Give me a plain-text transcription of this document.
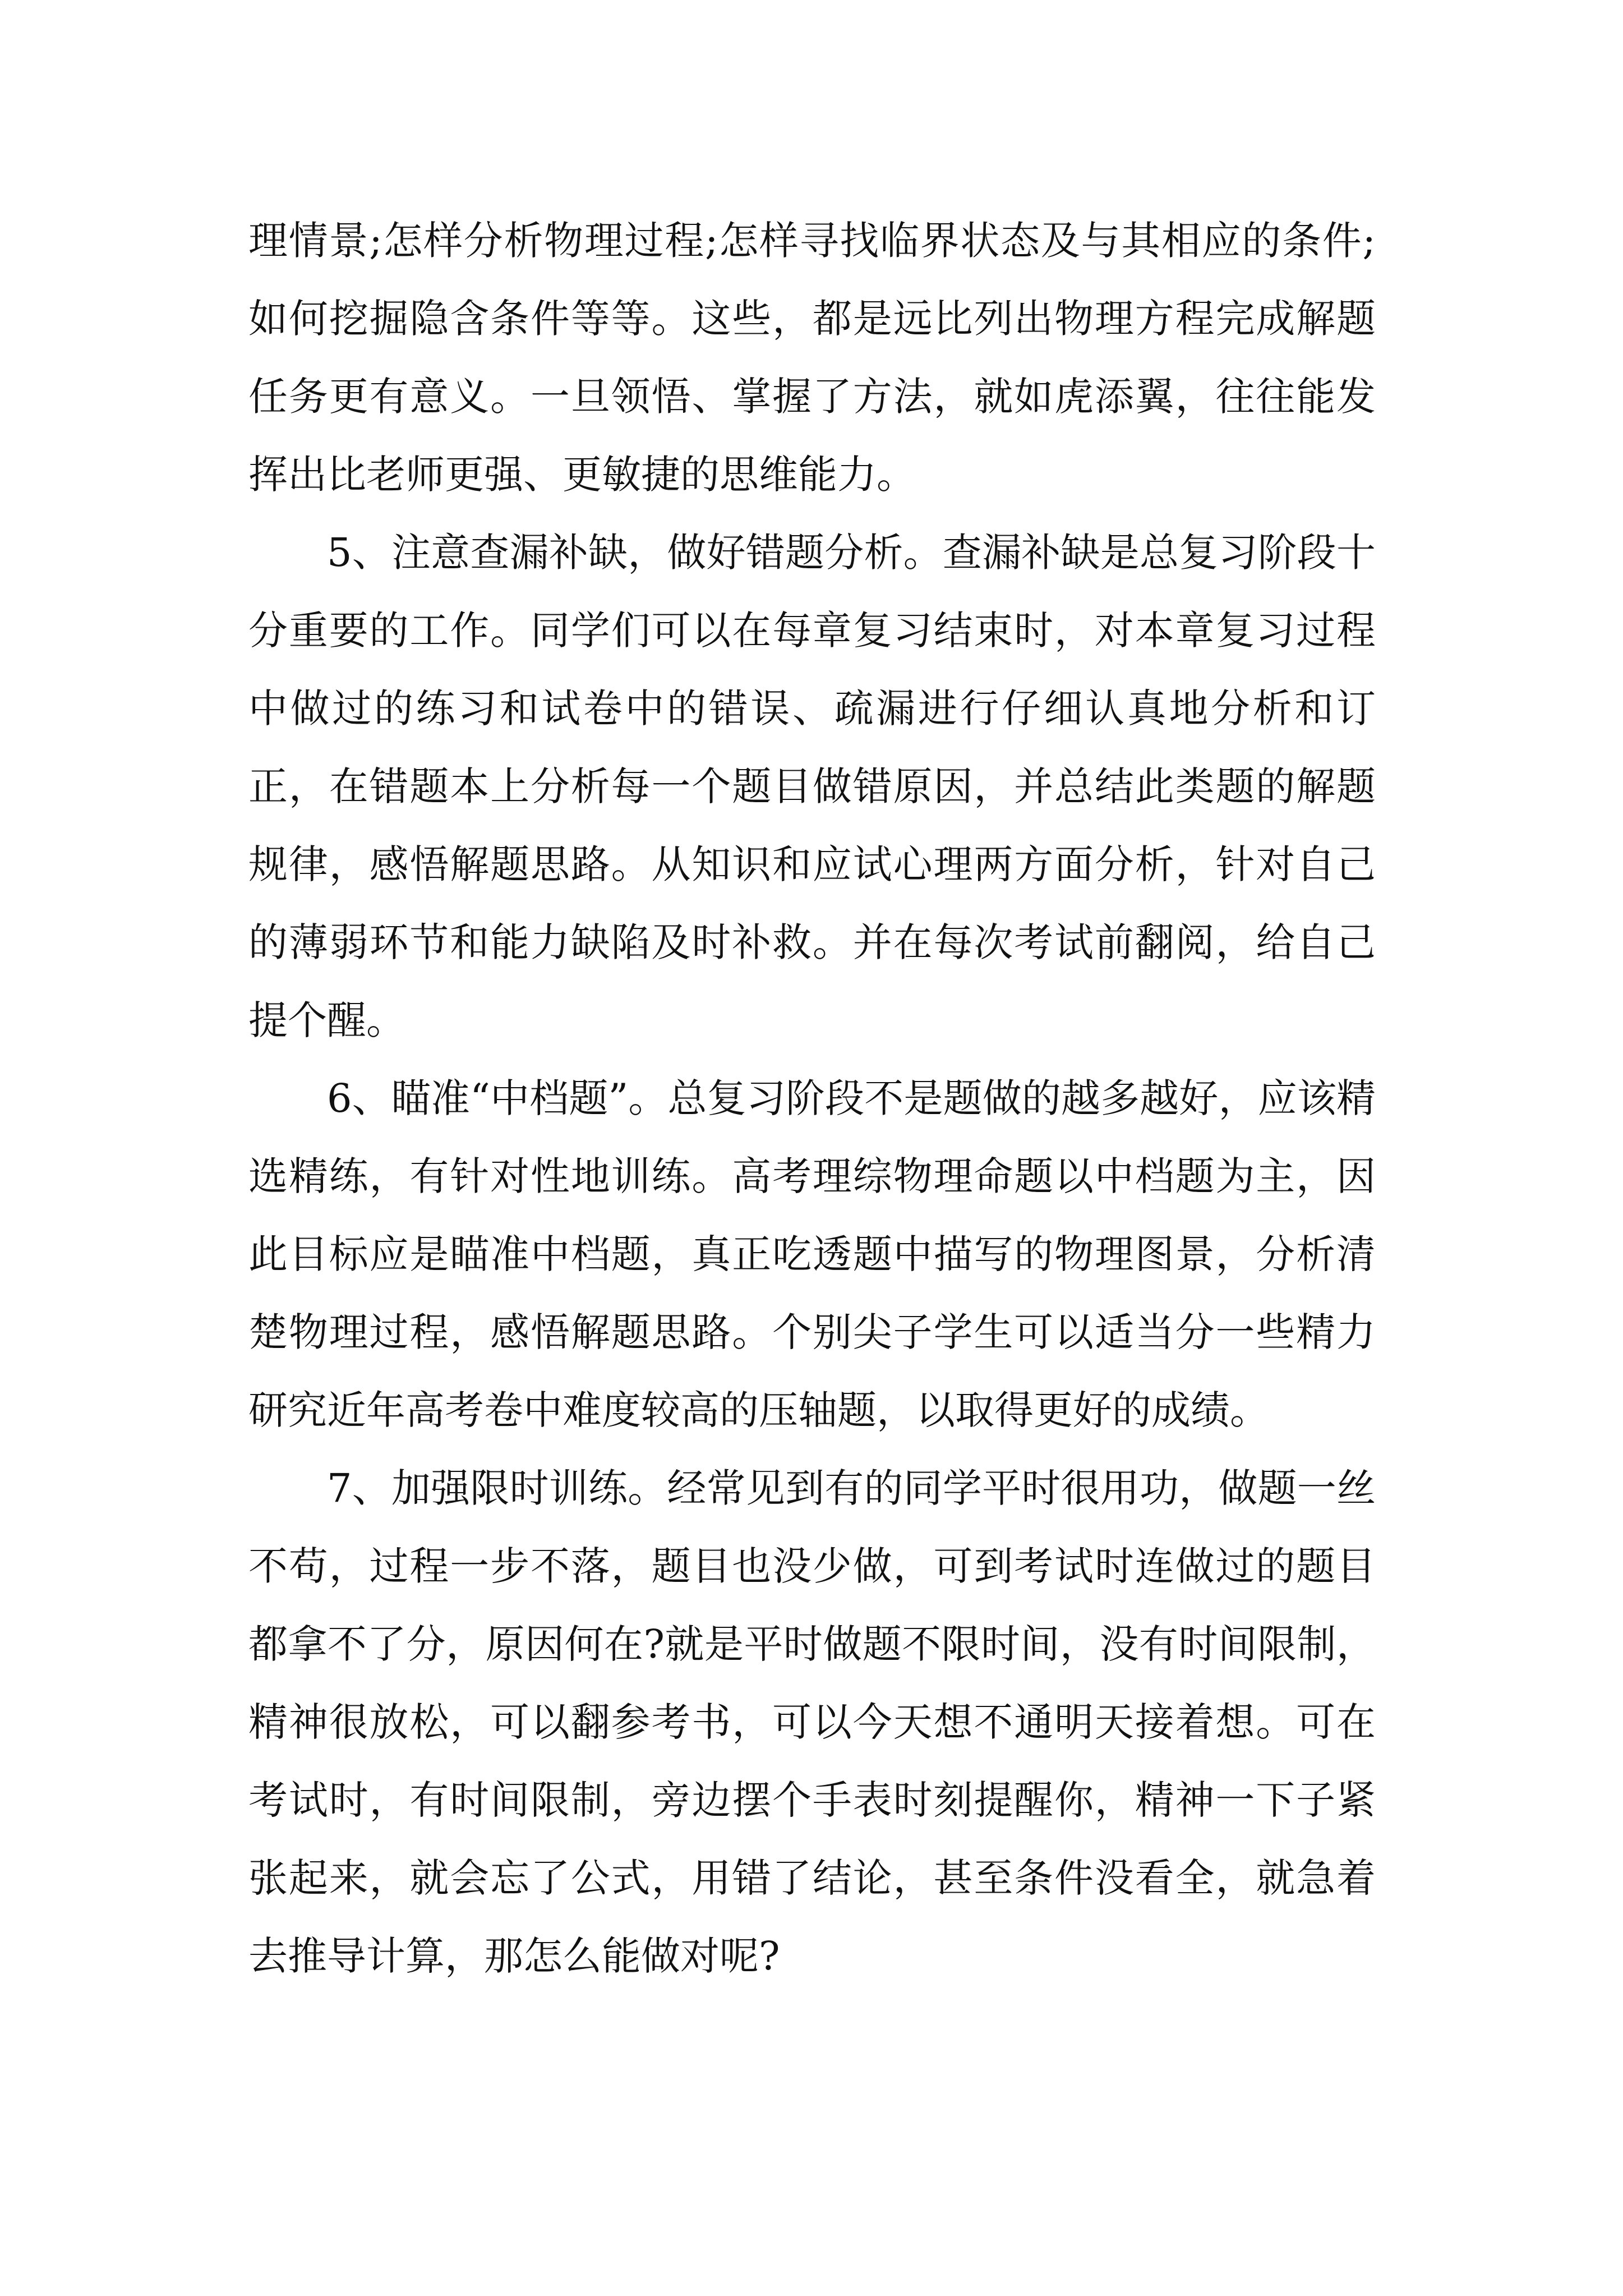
理情景;怎样分析物理过程;怎样寻找临界状态及与其相应的条件;如何挖掘隐含条件等等。这些，都是远比列出物理方程完成解题任务更有意义。一旦领悟、掌握了方法，就如虎添翼，往往能发挥出比老师更强、更敏捷的思维能力。

5、注意查漏补缺，做好错题分析。查漏补缺是总复习阶段十分重要的工作。同学们可以在每章复习结束时，对本章复习过程中做过的练习和试卷中的错误、疏漏进行仔细认真地分析和订正，在错题本上分析每一个题目做错原因，并总结此类题的解题规律，感悟解题思路。从知识和应试心理两方面分析，针对自己的薄弱环节和能力缺陷及时补救。并在每次考试前翻阅，给自己提个醒。

6、瞄准“中档题”。总复习阶段不是题做的越多越好，应该精选精练，有针对性地训练。高考理综物理命题以中档题为主，因此目标应是瞄准中档题，真正吃透题中描写的物理图景，分析清楚物理过程，感悟解题思路。个别尖子学生可以适当分一些精力研究近年高考卷中难度较高的压轴题，以取得更好的成绩。

7、加强限时训练。经常见到有的同学平时很用功，做题一丝不苟，过程一步不落，题目也没少做，可到考试时连做过的题目都拿不了分，原因何在?就是平时做题不限时间，没有时间限制，精神很放松，可以翻参考书，可以今天想不通明天接着想。可在考试时，有时间限制，旁边摆个手表时刻提醒你，精神一下子紧张起来，就会忘了公式，用错了结论，甚至条件没看全，就急着去推导计算，那怎么能做对呢?
